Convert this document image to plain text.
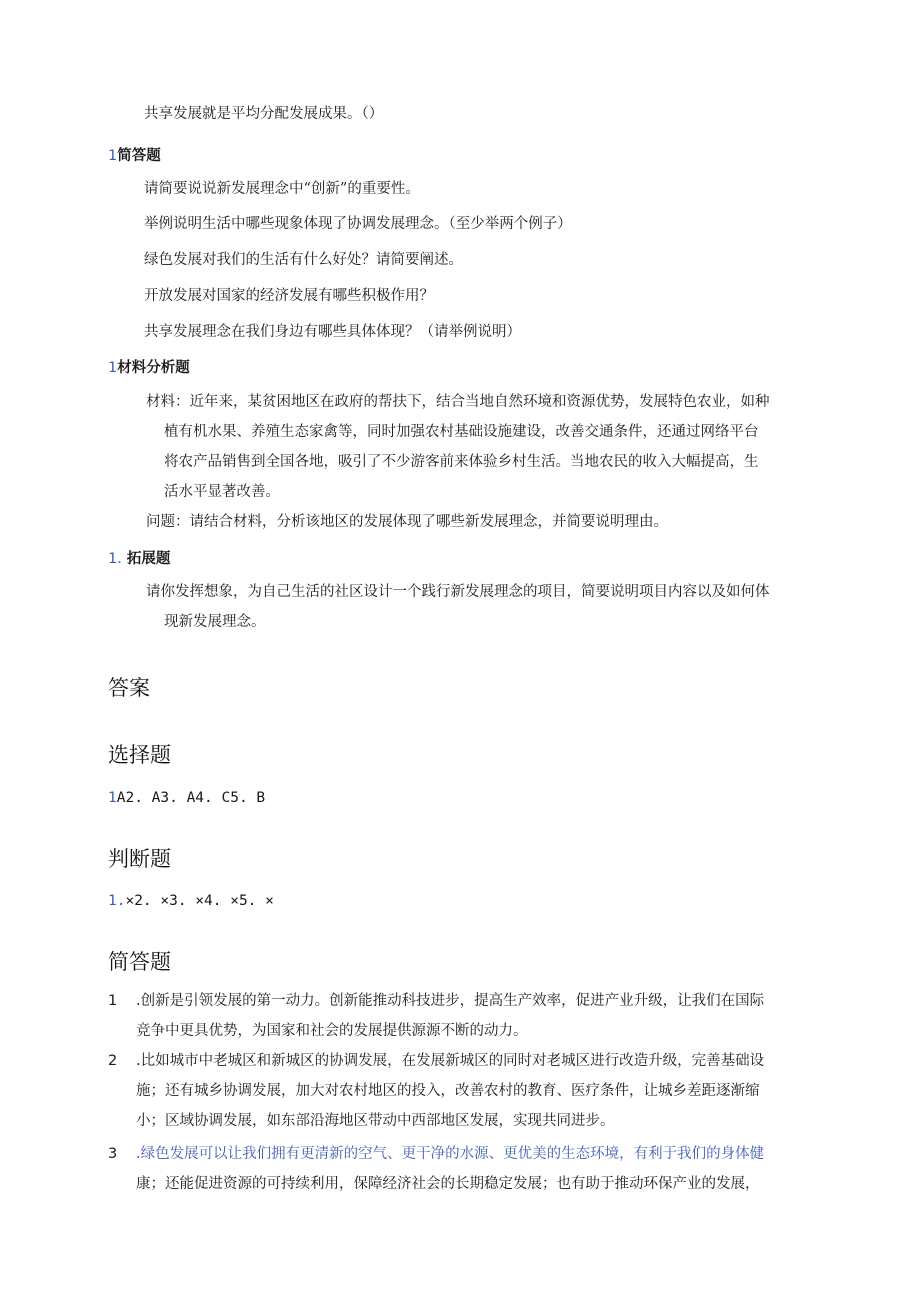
共享发展就是平均分配发展成果。（）
1简答题
请简要说说新发展理念中“创新”的重要性。
举例说明生活中哪些现象体现了协调发展理念。（至少举两个例子）
绿色发展对我们的生活有什么好处？请简要阐述。
开放发展对国家的经济发展有哪些积极作用？
共享发展理念在我们身边有哪些具体体现？（请举例说明）
1材料分析题
材料：近年来，某贫困地区在政府的帮扶下，结合当地自然环境和资源优势，发展特色农业，如种
植有机水果、养殖生态家禽等，同时加强农村基础设施建设，改善交通条件，还通过网络平台
将农产品销售到全国各地，吸引了不少游客前来体验乡村生活。当地农民的收入大幅提高，生
活水平显著改善。
问题：请结合材料，分析该地区的发展体现了哪些新发展理念，并简要说明理由。
1. 拓展题
请你发挥想象，为自己生活的社区设计一个践行新发展理念的项目，简要说明项目内容以及如何体
现新发展理念。
答案
选择题
1A2. A3. A4. C5. B
判断题
1.×2. ×3. ×4. ×5. ×
简答题
1 .创新是引领发展的第一动力。创新能推动科技进步，提高生产效率，促进产业升级，让我们在国际
竞争中更具优势，为国家和社会的发展提供源源不断的动力。
2 .比如城市中老城区和新城区的协调发展，在发展新城区的同时对老城区进行改造升级，完善基础设
施；还有城乡协调发展，加大对农村地区的投入，改善农村的教育、医疗条件，让城乡差距逐渐缩
小；区域协调发展，如东部沿海地区带动中西部地区发展，实现共同进步。
3 .绿色发展可以让我们拥有更清新的空气、更干净的水源、更优美的生态环境，有利于我们的身体健
康；还能促进资源的可持续利用，保障经济社会的长期稳定发展；也有助于推动环保产业的发展，
